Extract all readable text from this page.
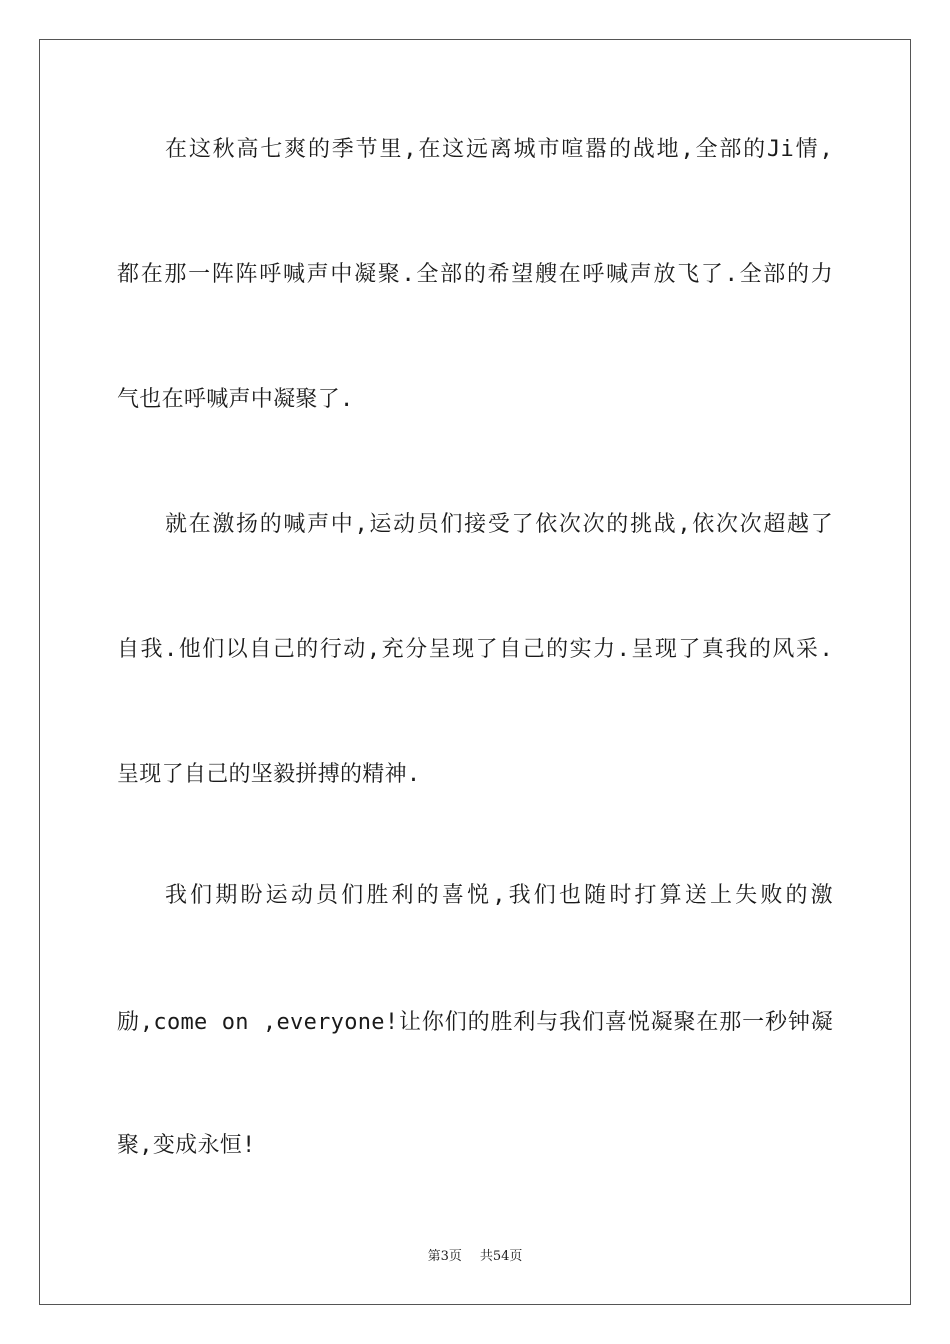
在这秋高七爽的季节里,在这远离城市喧嚣的战地,全部的Ji情,
都在那一阵阵呼喊声中凝聚.全部的希望艘在呼喊声放飞了.全部的力
气也在呼喊声中凝聚了.
就在激扬的喊声中,运动员们接受了依次次的挑战,依次次超越了
自我.他们以自己的行动,充分呈现了自己的实力.呈现了真我的风采.
呈现了自己的坚毅拼搏的精神.
我们期盼运动员们胜利的喜悦,我们也随时打算送上失败的激
励,come on ,everyone!让你们的胜利与我们喜悦凝聚在那一秒钟凝
聚,变成永恒!
第3页 共54页
